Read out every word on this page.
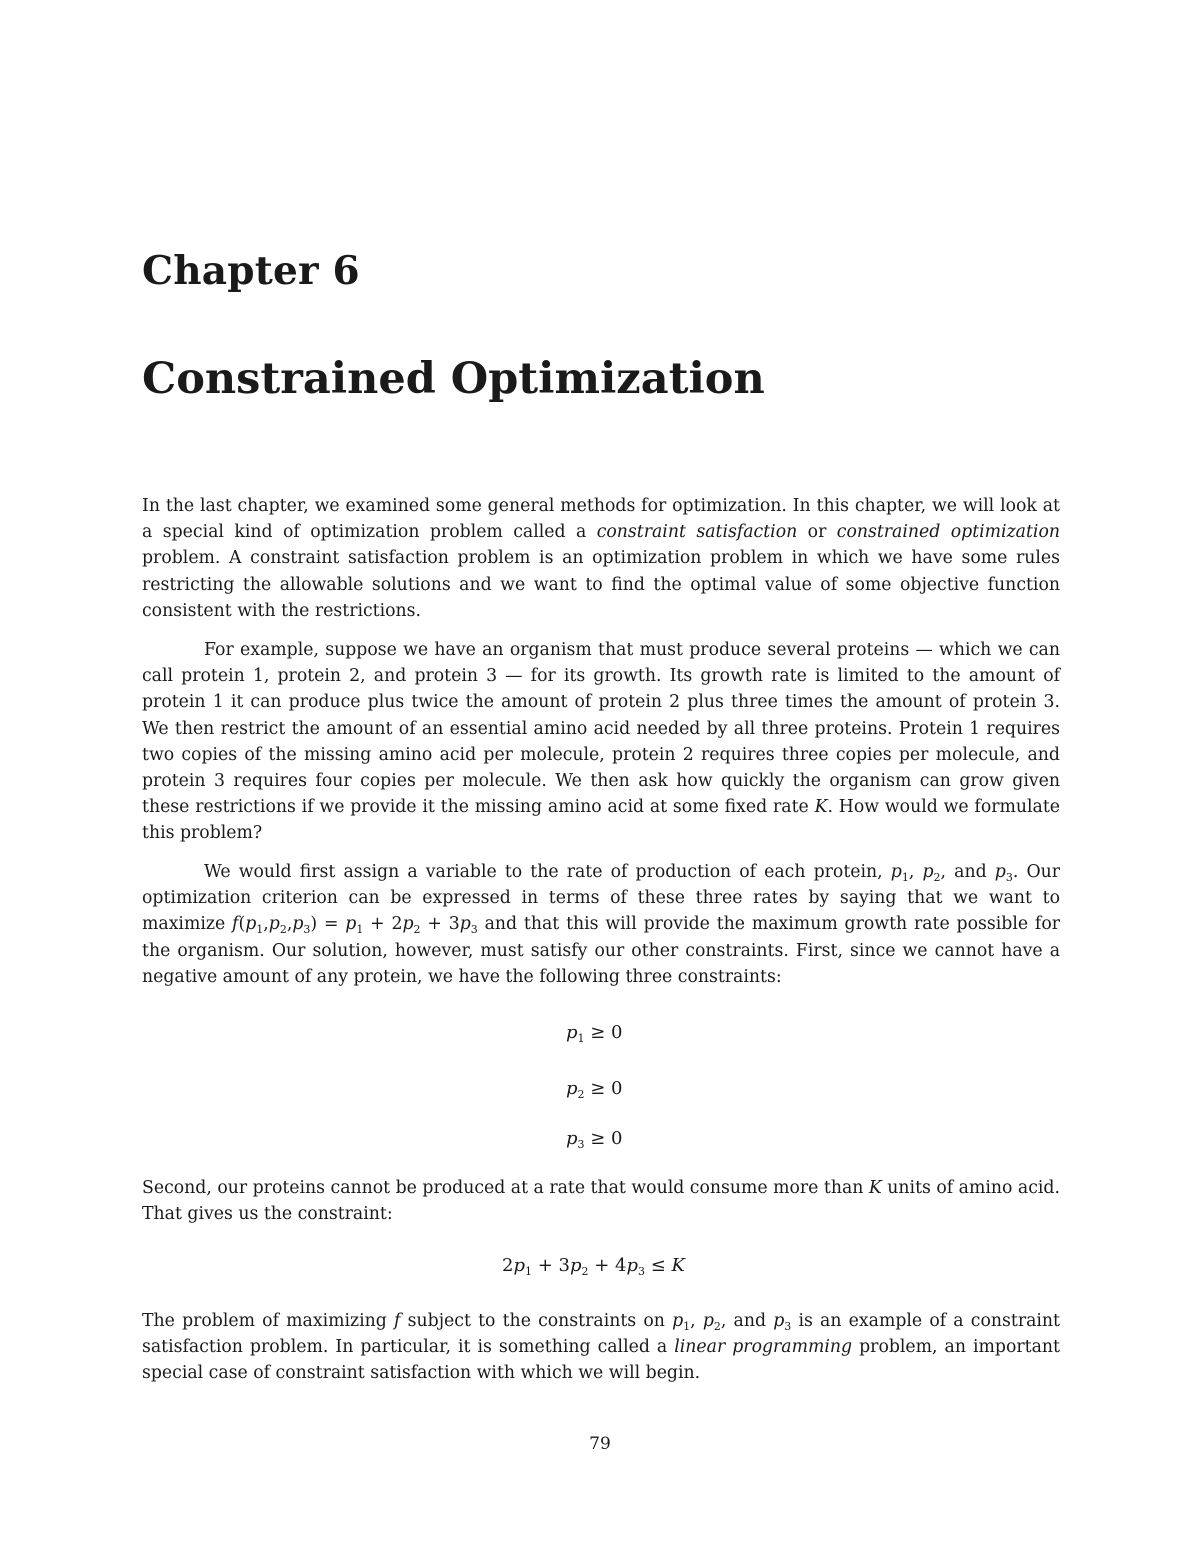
Chapter 6
Constrained Optimization

In the last chapter, we examined some general methods for optimization. In this chapter, we will look at a special kind of optimization problem called a constraint satisfaction or constrained optimization problem. A constraint satisfaction problem is an optimization problem in which we have some rules restricting the allowable solutions and we want to find the optimal value of some objective function consistent with the restrictions.

For example, suppose we have an organism that must produce several proteins — which we can call protein 1, protein 2, and protein 3 — for its growth. Its growth rate is limited to the amount of protein 1 it can produce plus twice the amount of protein 2 plus three times the amount of protein 3. We then restrict the amount of an essential amino acid needed by all three proteins. Protein 1 requires two copies of the missing amino acid per molecule, protein 2 requires three copies per molecule, and protein 3 requires four copies per molecule. We then ask how quickly the organism can grow given these restrictions if we provide it the missing amino acid at some fixed rate K. How would we formulate this problem?

We would first assign a variable to the rate of production of each protein, $p_1$, $p_2$, and $p_3$. Our optimization criterion can be expressed in terms of these three rates by saying that we want to maximize $f(p_1,p_2,p_3) = p_1 + 2p_2 + 3p_3$ and that this will provide the maximum growth rate possible for the organism. Our solution, however, must satisfy our other constraints. First, since we cannot have a negative amount of any protein, we have the following three constraints:

$p_1 \ge 0$
$p_2 \ge 0$
$p_3 \ge 0$

Second, our proteins cannot be produced at a rate that would consume more than K units of amino acid. That gives us the constraint:

$2p_1 + 3p_2 + 4p_3 \le K$

The problem of maximizing f subject to the constraints on $p_1$, $p_2$, and $p_3$ is an example of a constraint satisfaction problem. In particular, it is something called a linear programming problem, an important special case of constraint satisfaction with which we will begin.

79
